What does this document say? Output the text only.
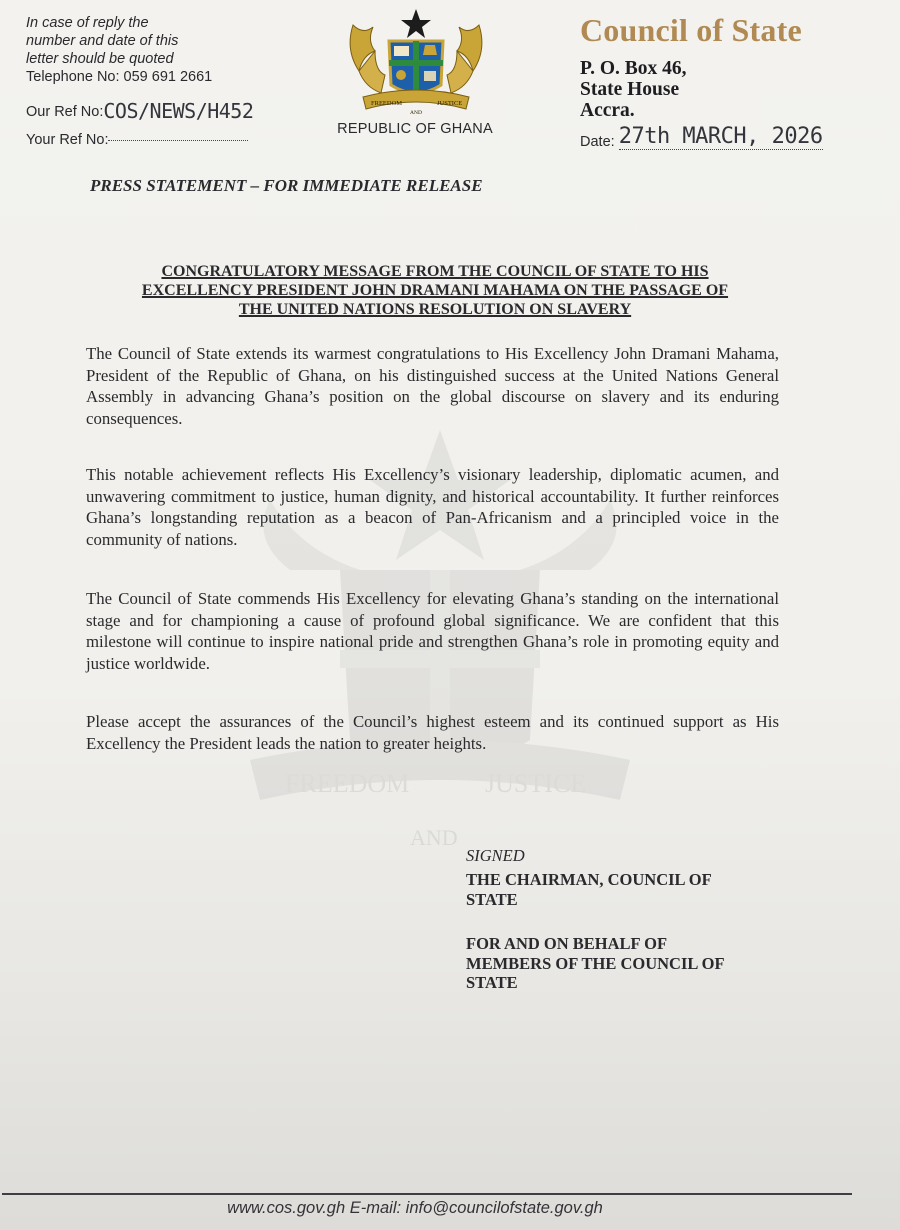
FREEDOM	JUSTICE
AND
In case of reply the
number and date of this
letter should be quoted
Telephone No: 059 691 2661
Our Ref No:COS/NEWS/H452
Your Ref No:
FREEDOM	JUSTICE
AND
REPUBLIC OF GHANA
Council of State
P. O. Box 46,
State House
Accra.
Date: 27th MARCH, 2026
PRESS STATEMENT – FOR IMMEDIATE RELEASE
CONGRATULATORY MESSAGE FROM THE COUNCIL OF STATE TO HIS
EXCELLENCY PRESIDENT JOHN DRAMANI MAHAMA ON THE PASSAGE OF
THE UNITED NATIONS RESOLUTION ON SLAVERY

The Council of State extends its warmest congratulations to His Excellency John Dramani Mahama, President of the Republic of Ghana, on his distinguished success at the United Nations General Assembly in advancing Ghana’s position on the global discourse on slavery and its enduring consequences.

This notable achievement reflects His Excellency’s visionary leadership, diplomatic acumen, and unwavering commitment to justice, human dignity, and historical accountability. It further reinforces Ghana’s longstanding reputation as a beacon of Pan-Africanism and a principled voice in the community of nations.

The Council of State commends His Excellency for elevating Ghana’s standing on the international stage and for championing a cause of profound global significance. We are confident that this milestone will continue to inspire national pride and strengthen Ghana’s role in promoting equity and justice worldwide.

Please accept the assurances of the Council’s highest esteem and its continued support as His Excellency the President leads the nation to greater heights.

SIGNED
THE CHAIRMAN, COUNCIL OF
STATE
FOR AND ON BEHALF OF
MEMBERS OF THE COUNCIL OF
STATE
www.cos.gov.gh E-mail: info@councilofstate.gov.gh
